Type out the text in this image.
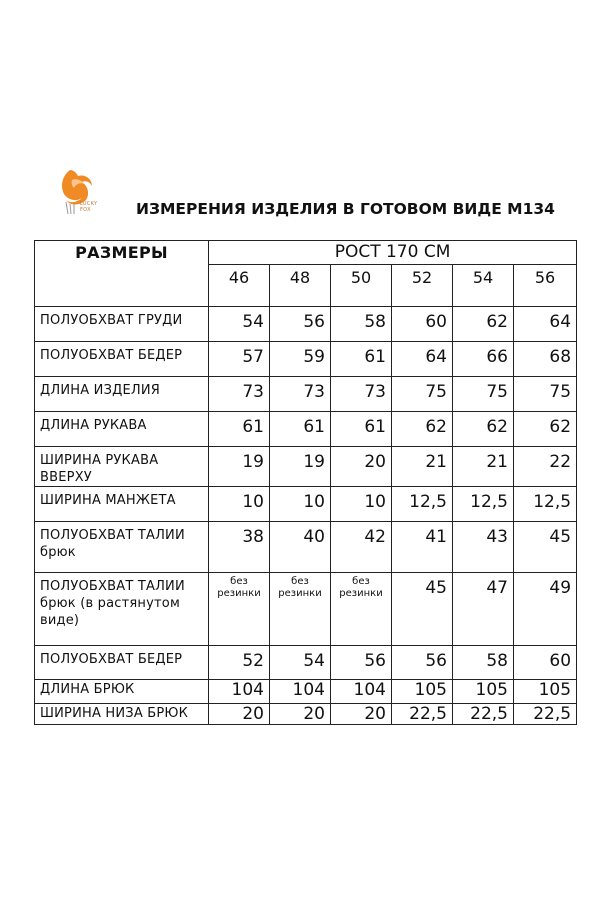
LUCKY
FOX	ИЗМЕРЕНИЯ ИЗДЕЛИЯ В ГОТОВОМ ВИДЕ М134
РАЗМЕРЫ	РОСТ 170 СМ					
	46	48	50	52	54	56
ПОЛУОБХВАТ ГРУДИ	54	56	58	60	62	64
ПОЛУОБХВАТ БЕДЕР	57	59	61	64	66	68
ДЛИНА ИЗДЕЛИЯ	73	73	73	75	75	75
ДЛИНА РУКАВА	61	61	61	62	62	62
ШИРИНА РУКАВА ВВЕРХУ	19	19	20	21	21	22
ШИРИНА МАНЖЕТА	10	10	10	12,5	12,5	12,5
ПОЛУОБХВАТ ТАЛИИ брюк	38	40	42	41	43	45
ПОЛУОБХВАТ ТАЛИИ брюк (в растянутом виде)	без резинки	без резинки	без резинки	45	47	49
ПОЛУОБХВАТ БЕДЕР	52	54	56	56	58	60
ДЛИНА БРЮК	104	104	104	105	105	105
ШИРИНА НИЗА БРЮК	20	20	20	22,5	22,5	22,5
